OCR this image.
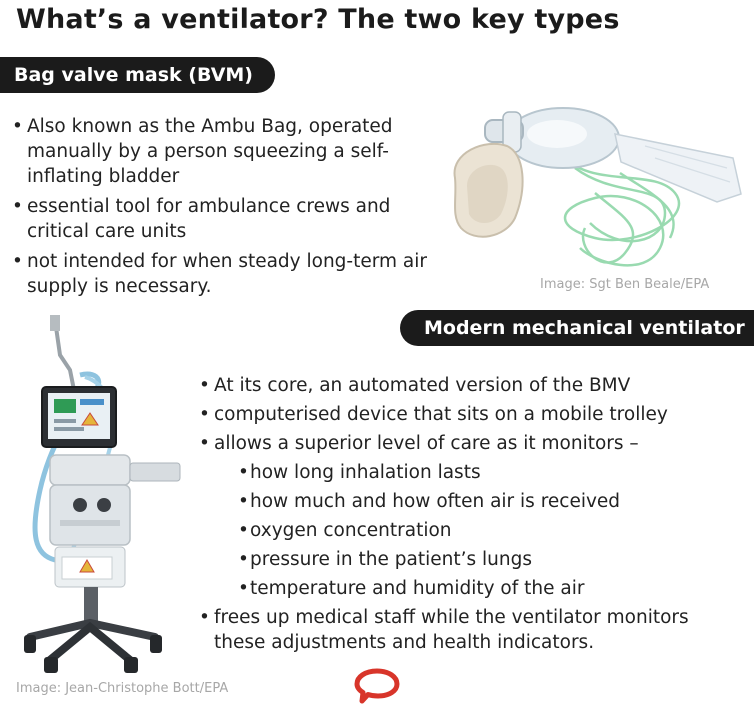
What’s a ventilator? The two key types
Bag valve mask (BVM)
• Also known as the Ambu Bag, operated manually by a person squeezing a self-inflating bladder
• essential tool for ambulance crews and critical care units
• not intended for when steady long-term air supply is necessary.	Image: Sgt Ben Beale/EPA
Modern mechanical ventilator
• At its core, an automated version of the BMV
• computerised device that sits on a mobile trolley
• allows a superior level of care as it monitors –
• how long inhalation lasts
• how much and how often air is received
• oxygen concentration
• pressure in the patient’s lungs
• temperature and humidity of the air
• frees up medical staff while the ventilator monitors these adjustments and health indicators.
Image: Jean-Christophe Bott/EPA
